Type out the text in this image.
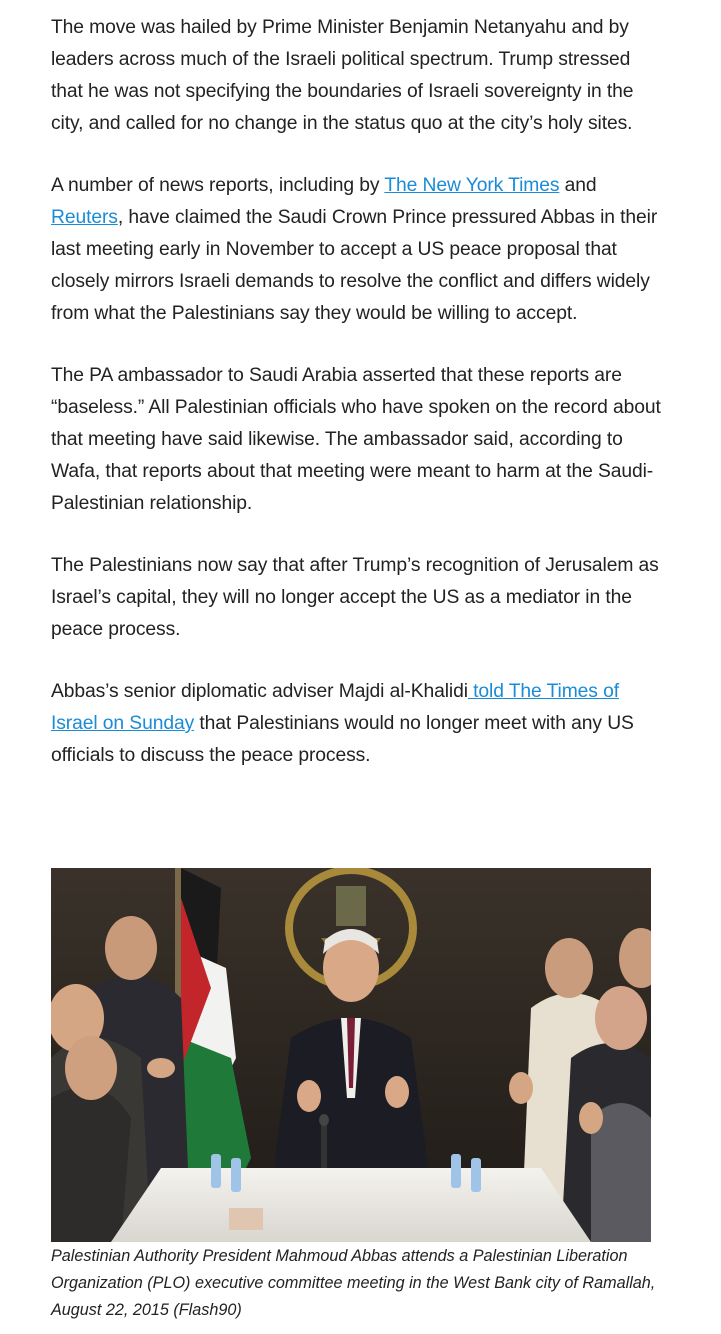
The move was hailed by Prime Minister Benjamin Netanyahu and by leaders across much of the Israeli political spectrum. Trump stressed that he was not specifying the boundaries of Israeli sovereignty in the city, and called for no change in the status quo at the city’s holy sites.

A number of news reports, including by The New York Times and Reuters, have claimed the Saudi Crown Prince pressured Abbas in their last meeting early in November to accept a US peace proposal that closely mirrors Israeli demands to resolve the conflict and differs widely from what the Palestinians say they would be willing to accept.

The PA ambassador to Saudi Arabia asserted that these reports are “baseless.” All Palestinian officials who have spoken on the record about that meeting have said likewise. The ambassador said, according to Wafa, that reports about that meeting were meant to harm at the Saudi-Palestinian relationship.

The Palestinians now say that after Trump’s recognition of Jerusalem as Israel’s capital, they will no longer accept the US as a mediator in the peace process.

Abbas’s senior diplomatic adviser Majdi al-Khalidi told The Times of Israel on Sunday that Palestinians would no longer meet with any US officials to discuss the peace process.

Palestinian Authority President Mahmoud Abbas attends a Palestinian Liberation Organization (PLO) executive committee meeting in the West Bank city of Ramallah, August 22, 2015 (Flash90)
